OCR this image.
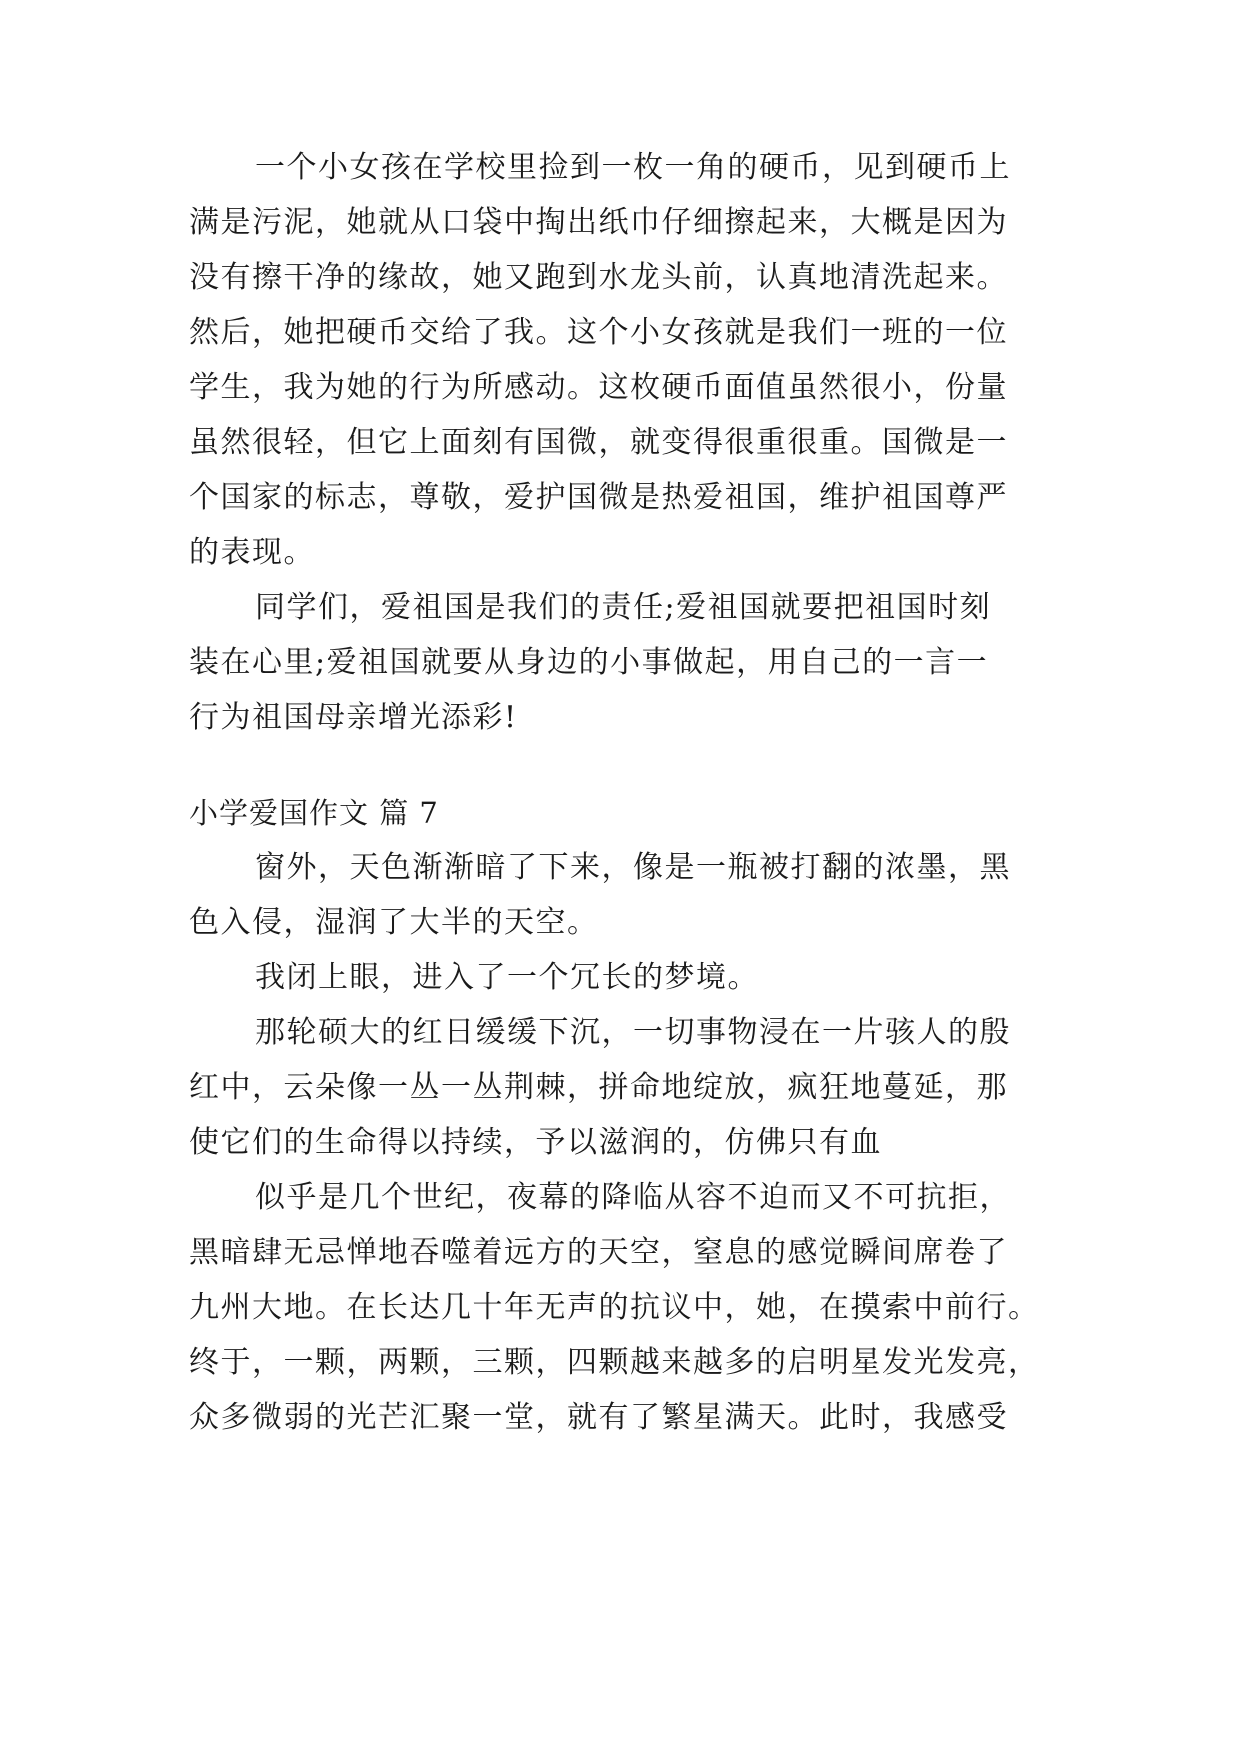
一个小女孩在学校里捡到一枚一角的硬币，见到硬币上

满是污泥，她就从口袋中掏出纸巾仔细擦起来，大概是因为

没有擦干净的缘故，她又跑到水龙头前，认真地清洗起来。

然后，她把硬币交给了我。这个小女孩就是我们一班的一位

学生，我为她的行为所感动。这枚硬币面值虽然很小，份量

虽然很轻，但它上面刻有国微，就变得很重很重。国微是一

个国家的标志，尊敬，爱护国微是热爱祖国，维护祖国尊严

的表现。

同学们，爱祖国是我们的责任;爱祖国就要把祖国时刻

装在心里;爱祖国就要从身边的小事做起，用自己的一言一

行为祖国母亲增光添彩!

小学爱国作文 篇 7

窗外，天色渐渐暗了下来，像是一瓶被打翻的浓墨，黑

色入侵，湿润了大半的天空。

我闭上眼，进入了一个冗长的梦境。

那轮硕大的红日缓缓下沉，一切事物浸在一片骇人的殷

红中，云朵像一丛一丛荆棘，拼命地绽放，疯狂地蔓延，那

使它们的生命得以持续，予以滋润的，仿佛只有血

似乎是几个世纪，夜幕的降临从容不迫而又不可抗拒，

黑暗肆无忌惮地吞噬着远方的天空，窒息的感觉瞬间席卷了

九州大地。在长达几十年无声的抗议中，她，在摸索中前行。

终于，一颗，两颗，三颗，四颗越来越多的启明星发光发亮，

众多微弱的光芒汇聚一堂，就有了繁星满天。此时，我感受
